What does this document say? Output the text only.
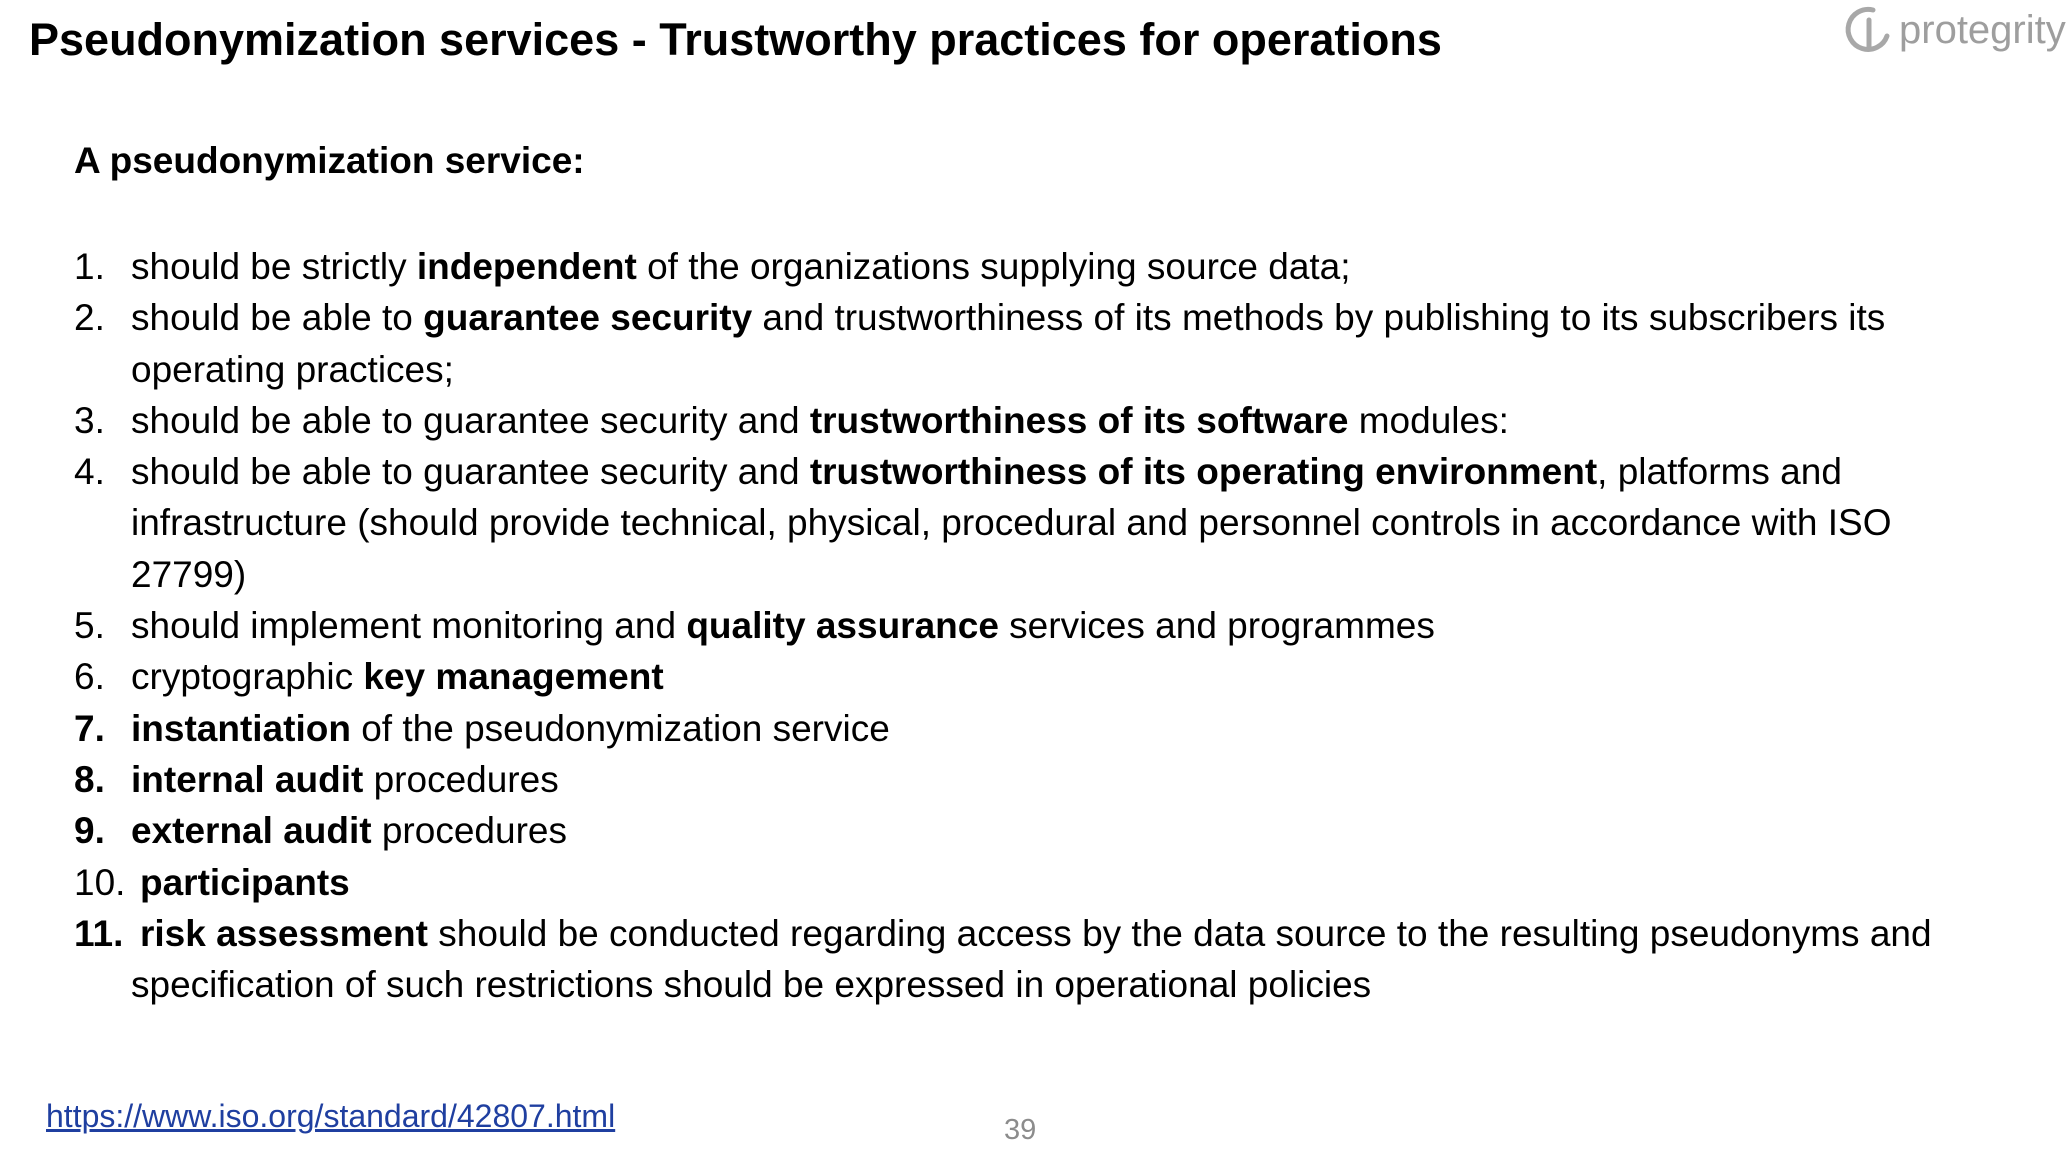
Pseudonymization services - Trustworthy practices for operations	protegrity
A pseudonymization service:
1. should be strictly independent of the organizations supplying source data;
2. should be able to guarantee security and trustworthiness of its methods by publishing to its subscribers its operating practices;
3. should be able to guarantee security and trustworthiness of its software modules:
4. should be able to guarantee security and trustworthiness of its operating environment, platforms and infrastructure (should provide technical, physical, procedural and personnel controls in accordance with ISO 27799)
5. should implement monitoring and quality assurance services and programmes
6. cryptographic key management
7. instantiation of the pseudonymization service
8. internal audit procedures
9. external audit procedures
10. participants
11. risk assessment should be conducted regarding access by the data source to the resulting pseudonyms and specification of such restrictions should be expressed in operational policies
https://www.iso.org/standard/42807.html	39
